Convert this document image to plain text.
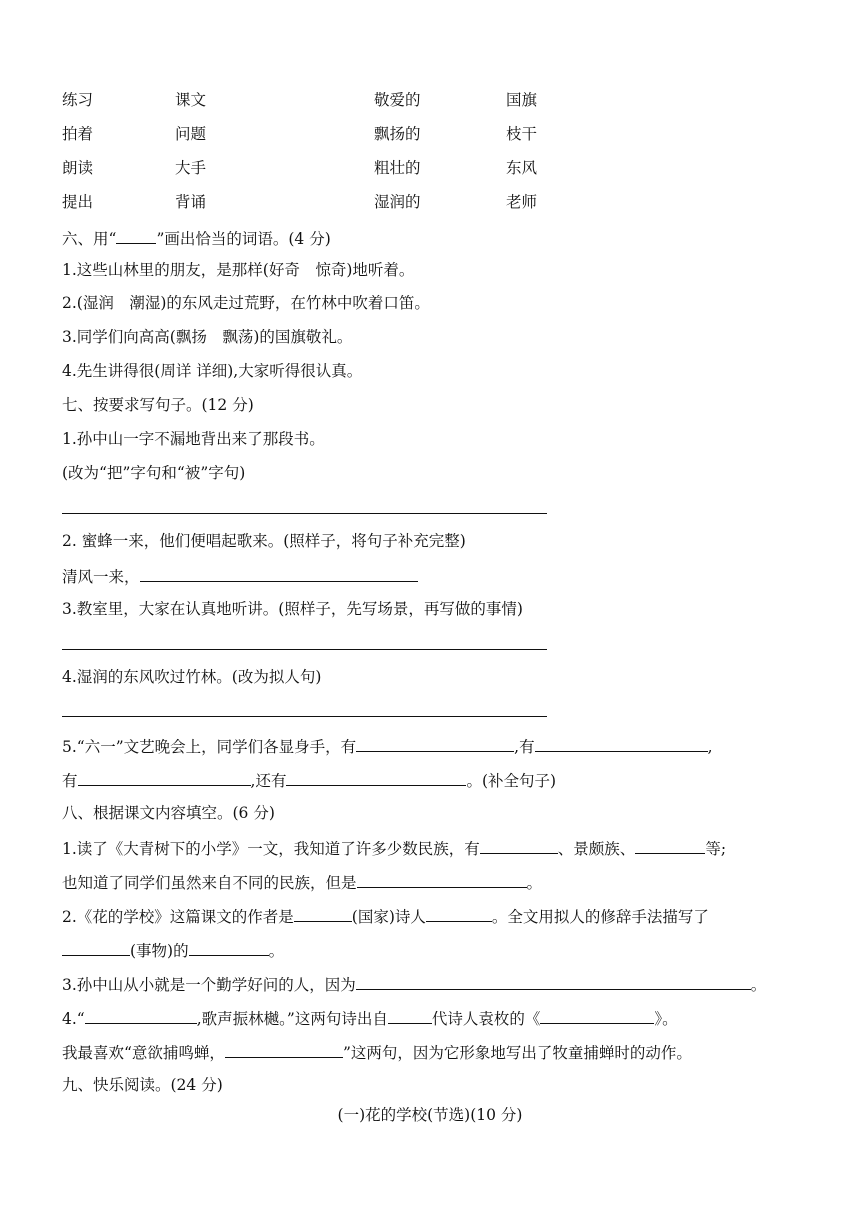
练习	课文	敬爱的	国旗
拍着	问题	飘扬的	枝干
朗读	大手	粗壮的	东风
提出	背诵	湿润的	老师
六、用“	”画出恰当的词语。(4 分)
1.这些山林里的朋友，是那样(好奇　惊奇)地听着。
2.(湿润　潮湿)的东风走过荒野，在竹林中吹着口笛。
3.同学们向高高(飘扬　飘荡)的国旗敬礼。
4.先生讲得很(周详 详细),大家听得很认真。
七、按要求写句子。(12 分)
1.孙中山一字不漏地背出来了那段书。
(改为“把”字句和“被”字句)
2. 蜜蜂一来，他们便唱起歌来。(照样子，将句子补充完整)
清风一来，
3.教室里，大家在认真地听讲。(照样子，先写场景，再写做的事情)
4.湿润的东风吹过竹林。(改为拟人句)
5.“六一”文艺晚会上，同学们各显身手，有	,有	,
有	,还有	。(补全句子)
八、根据课文内容填空。(6 分)
1.读了《大青树下的小学》一文，我知道了许多少数民族，有	、景颇族、	等;
也知道了同学们虽然来自不同的民族，但是	。
2.《花的学校》这篇课文的作者是	(国家)诗人	。全文用拟人的修辞手法描写了
(事物)的	。
3.孙中山从小就是一个勤学好问的人，因为	。
4.“	,歌声振林樾。”这两句诗出自	代诗人袁枚的《	》。
我最喜欢“意欲捕鸣蝉，	”这两句，因为它形象地写出了牧童捕蝉时的动作。
九、快乐阅读。(24 分)
(一)花的学校(节选)(10 分)
